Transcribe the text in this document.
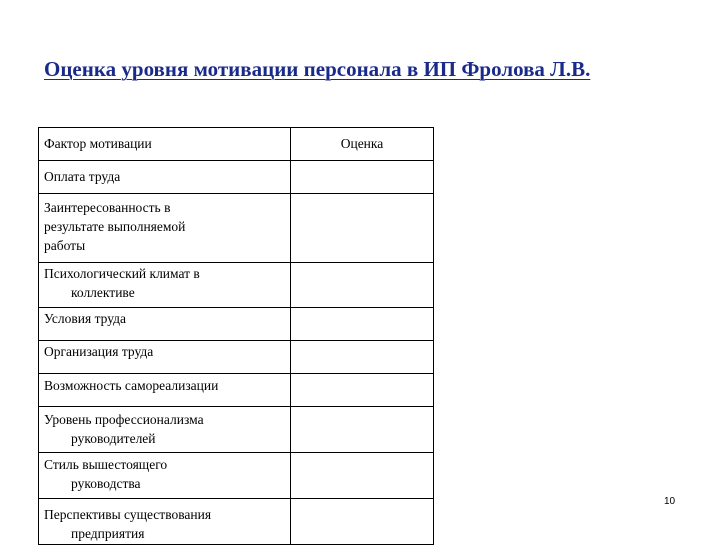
Оценка уровня мотивации персонала в ИП Фролова Л.В.
Фактор мотивации	Оценка

Оплата труда	

Заинтересованность в
результате выполняемой
работы	

Психологический климат в
коллективе	

Условия труда	

Организация труда	

Возможность самореализации	

Уровень профессионализма
руководителей	

Стиль вышестоящего
руководства	

Перспективы существования
предприятия	

10
